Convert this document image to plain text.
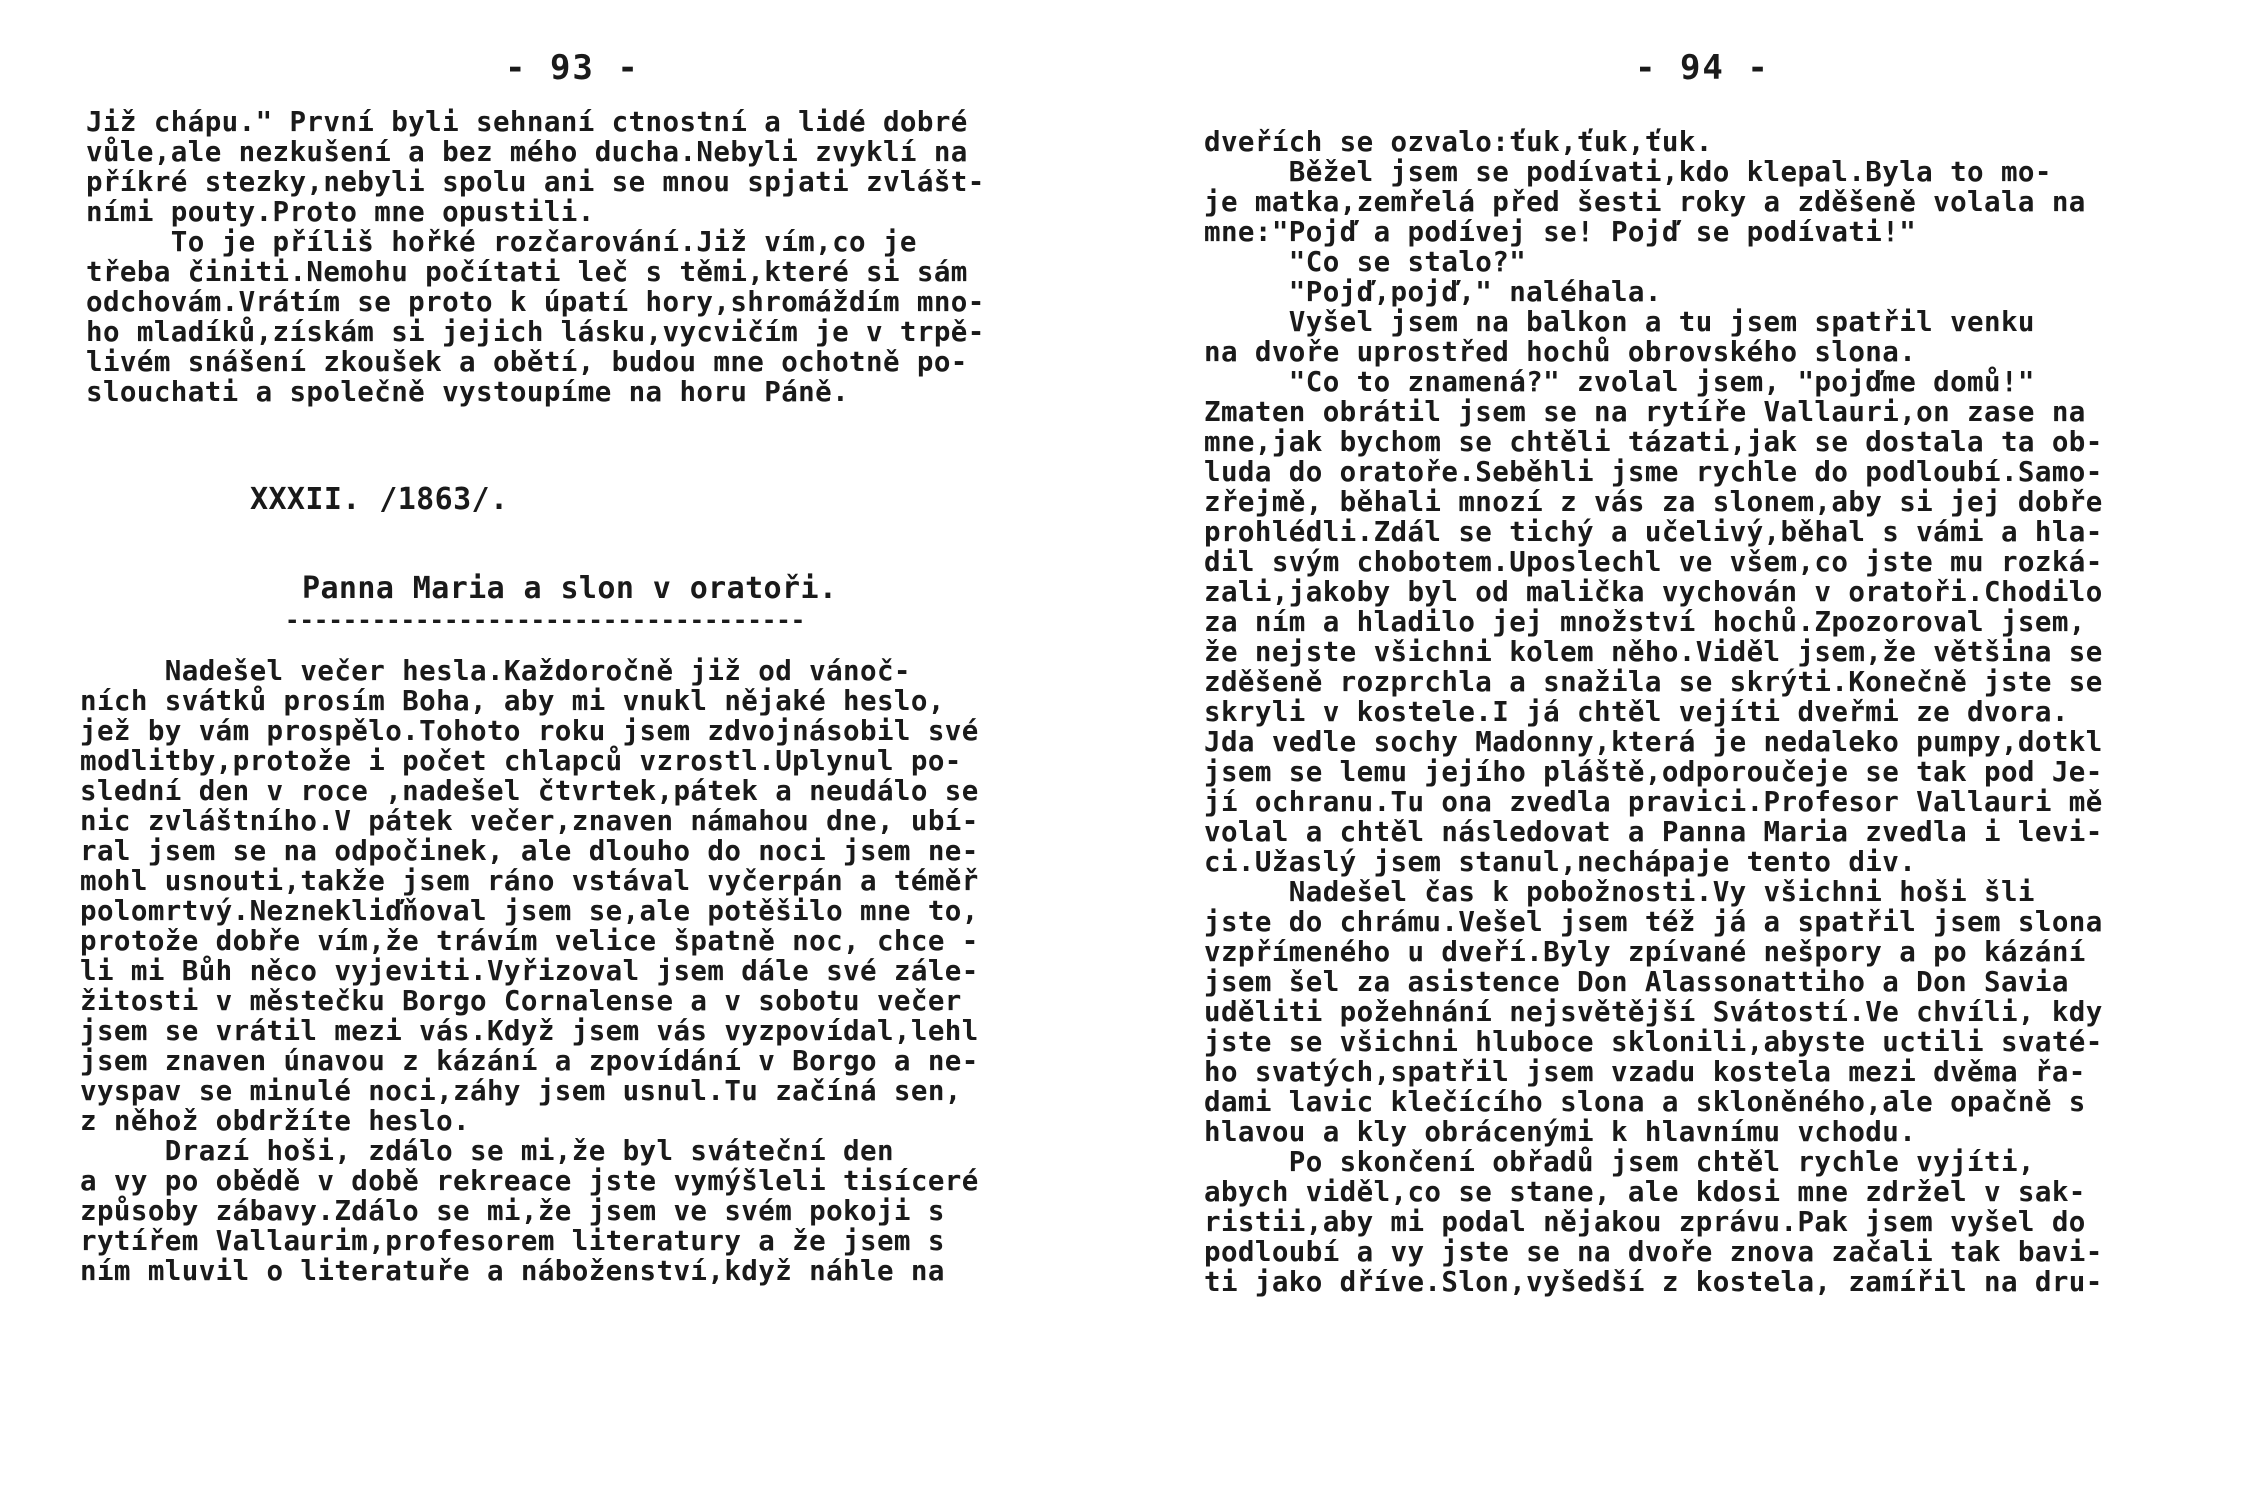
- 93 -
Již chápu." První byli sehnaní ctnostní a lidé dobré
vůle,ale nezkušení a bez mého ducha.Nebyli zvyklí na
příkré stezky,nebyli spolu ani se mnou spjati zvlášt-
ními pouty.Proto mne opustili.
To je příliš hořké rozčarování.Již vím,co je
třeba činiti.Nemohu počítati leč s těmi,které si sám
odchovám.Vrátím se proto k úpatí hory,shromáždím mno-
ho mladíků,získám si jejich lásku,vycvičím je v trpě-
livém snášení zkoušek a obětí, budou mne ochotně po-
slouchati a společně vystoupíme na horu Páně.
XXXII. /1863/.
Panna Maria a slon v oratoři.
------------------------------------
Nadešel večer hesla.Každoročně již od vánoč-
ních svátků prosím Boha, aby mi vnukl nějaké heslo,
jež by vám prospělo.Tohoto roku jsem zdvojnásobil své
modlitby,protože i počet chlapců vzrostl.Uplynul po-
slední den v roce ,nadešel čtvrtek,pátek a neudálo se
nic zvláštního.V pátek večer,znaven námahou dne, ubí-
ral jsem se na odpočinek, ale dlouho do noci jsem ne-
mohl usnouti,takže jsem ráno vstával vyčerpán a téměř
polomrtvý.Neznekliďňoval jsem se,ale potěšilo mne to,
protože dobře vím,že trávím velice špatně noc, chce -
li mi Bůh něco vyjeviti.Vyřizoval jsem dále své zále-
žitosti v městečku Borgo Cornalense a v sobotu večer
jsem se vrátil mezi vás.Když jsem vás vyzpovídal,lehl
jsem znaven únavou z kázání a zpovídání v Borgo a ne-
vyspav se minulé noci,záhy jsem usnul.Tu začíná sen,
z něhož obdržíte heslo.
Drazí hoši, zdálo se mi,že byl sváteční den
a vy po obědě v době rekreace jste vymýšleli tisíceré
způsoby zábavy.Zdálo se mi,že jsem ve svém pokoji s
rytířem Vallaurim,profesorem literatury a že jsem s
ním mluvil o literatuře a náboženství,když náhle na
- 94 -
dveřích se ozvalo:ťuk,ťuk,ťuk.
Běžel jsem se podívati,kdo klepal.Byla to mo-
je matka,zemřelá před šesti roky a zděšeně volala na
mne:"Pojď a podívej se! Pojď se podívati!"
"Co se stalo?"
"Pojď,pojď," naléhala.
Vyšel jsem na balkon a tu jsem spatřil venku
na dvoře uprostřed hochů obrovského slona.
"Co to znamená?" zvolal jsem, "pojďme domů!"
Zmaten obrátil jsem se na rytíře Vallauri,on zase na
mne,jak bychom se chtěli tázati,jak se dostala ta ob-
luda do oratoře.Seběhli jsme rychle do podloubí.Samo-
zřejmě, běhali mnozí z vás za slonem,aby si jej dobře
prohlédli.Zdál se tichý a učelivý,běhal s vámi a hla-
dil svým chobotem.Uposlechl ve všem,co jste mu rozká-
zali,jakoby byl od malička vychován v oratoři.Chodilo
za ním a hladilo jej množství hochů.Zpozoroval jsem,
že nejste všichni kolem něho.Viděl jsem,že většina se
zděšeně rozprchla a snažila se skrýti.Konečně jste se
skryli v kostele.I já chtěl vejíti dveřmi ze dvora.
Jda vedle sochy Madonny,která je nedaleko pumpy,dotkl
jsem se lemu jejího pláště,odporoučeje se tak pod Je-
jí ochranu.Tu ona zvedla pravici.Profesor Vallauri mě
volal a chtěl následovat a Panna Maria zvedla i levi-
ci.Užaslý jsem stanul,nechápaje tento div.
Nadešel čas k pobožnosti.Vy všichni hoši šli
jste do chrámu.Vešel jsem též já a spatřil jsem slona
vzpřímeného u dveří.Byly zpívané nešpory a po kázání
jsem šel za asistence Don Alassonattiho a Don Savia
uděliti požehnání nejsvětější Svátostí.Ve chvíli, kdy
jste se všichni hluboce sklonili,abyste uctili svaté-
ho svatých,spatřil jsem vzadu kostela mezi dvěma řa-
dami lavic klečícího slona a skloněného,ale opačně s
hlavou a kly obrácenými k hlavnímu vchodu.
Po skončení obřadů jsem chtěl rychle vyjíti,
abych viděl,co se stane, ale kdosi mne zdržel v sak-
ristii,aby mi podal nějakou zprávu.Pak jsem vyšel do
podloubí a vy jste se na dvoře znova začali tak bavi-
ti jako dříve.Slon,vyšedší z kostela, zamířil na dru-
